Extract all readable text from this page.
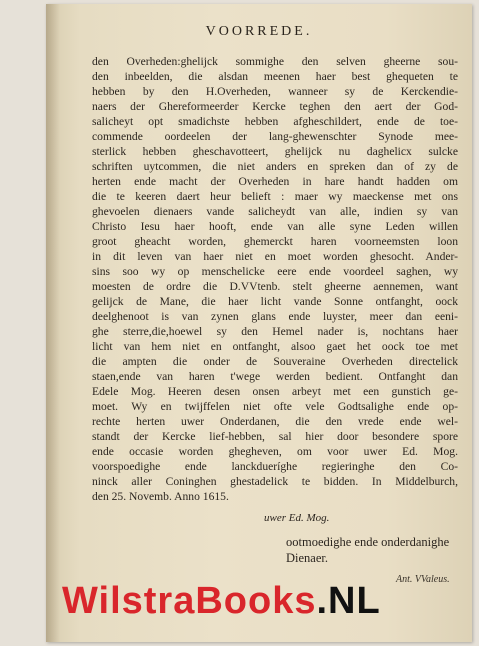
VOORREDE.
den Overheden:ghelijck sommighe den selven gheerne sou-
den inbeelden, die alsdan meenen haer best ghequeten te
hebben by den H.Overheden, wanneer sy de Kerckendie-
naers der Ghereformeerder Kercke teghen den aert der God-
salicheyt opt smadichste hebben afgheschildert, ende de toe-
commende oordeelen der lang-ghewenschter Synode mee-
sterlick hebben gheschavotteert, ghelijck nu daghelicx sulcke
schriften uytcommen, die niet anders en spreken dan of zy de
herten ende macht der Overheden in hare handt hadden om
die te keeren daert heur belieft : maer wy maeckense met ons
ghevoelen dienaers vande salicheydt van alle, indien sy van
Christo Iesu haer hooft, ende van alle syne Leden willen
groot gheacht worden, ghemerckt haren voorneemsten loon
in dit leven van haer niet en moet worden ghesocht. Ander-
sins soo wy op menschelicke eere ende voordeel saghen, wy
moesten de ordre die D.VVtenb. stelt gheerne aennemen, want
gelijck de Mane, die haer licht vande Sonne ontfanght, oock
deelghenoot is van zynen glans ende luyster, meer dan eeni-
ghe sterre,die,hoewel sy den Hemel nader is, nochtans haer
licht van hem niet en ontfanght, alsoo gaet het oock toe met
die ampten die onder de Souveraine Overheden directelick
staen,ende van haren t'wege werden bedient. Ontfanght dan
Edele Mog. Heeren desen onsen arbeyt met een gunstich ge-
moet. Wy en twijffelen niet ofte vele Godtsalighe ende op-
rechte herten uwer Onderdanen, die den vrede ende wel-
standt der Kercke lief-hebben, sal hier door besondere spore
ende occasie worden ghegheven, om voor uwer Ed. Mog.
voorspoedighe ende lanckdueríghe regieringhe den Co-
ninck aller Coninghen ghestadelick te bidden. In Middelburch,
den 25. Novemb. Anno 1615.
uwer Ed. Mog.
ootmoedighe ende onderdanighe
Dienaer.
Ant. VValeus.
WilstraBooks.NL
